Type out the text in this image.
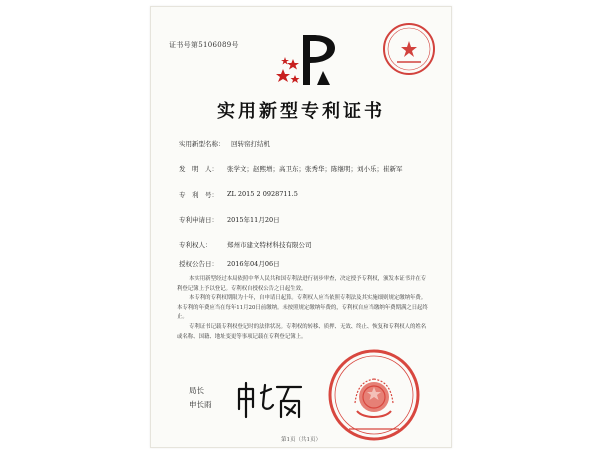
证书号第5106089号
实用新型专利证书
实用新型名称： 回转窑打结机
发　明　人： 张学文；赵熙增；高卫东；张秀华；陈继明；刘小乐；崔新军
专　利　号： ZL 2015 2 0928711.5
专利申请日： 2015年11月20日
专利权人： 郑州市建文特材科技有限公司
授权公告日： 2016年04月06日

本实用新型经过本局依照中华人民共和国专利法进行初步审查，决定授予专利权，颁发本证书并在专利登记簿上予以登记。专利权自授权公告之日起生效。

本专利的专利权期限为十年，自申请日起算。专利权人应当依照专利法及其实施细则规定缴纳年费。本专利的年费应当在每年11月20日前缴纳。未按照规定缴纳年费的，专利权自应当缴纳年费期满之日起终止。

专利证书记载专利权登记时的法律状况。专利权的转移、质押、无效、终止、恢复和专利权人的姓名或名称、国籍、地址变更等事项记载在专利登记簿上。

局长
申长雨
第1页（共1页）
